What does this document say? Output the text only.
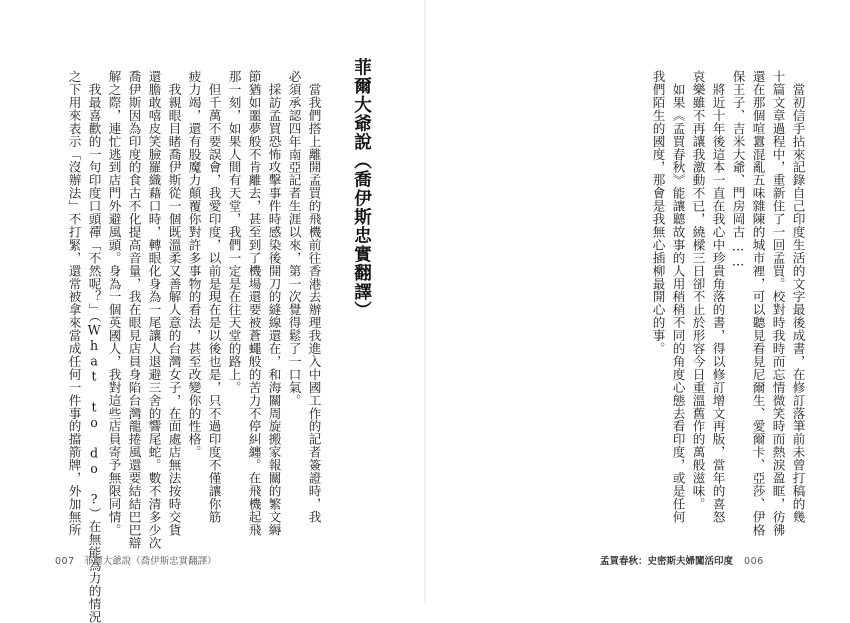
　當初信手拈來記錄自己印度生活的文字最後成書，在修訂落筆前未曾打稿的幾
十篇文章過程中，重新住了一回孟買。校對時我時而忘情微笑時而熱淚盈眶，彷彿
還在那個喧囂混亂五味雜陳的城市裡，可以聽見看見尼爾生、愛爾卡、亞莎、伊格
保王子、吉米大爺、門房岡古……
　將近十年後這本一直在我心中珍貴角落的書，得以修訂增文再版，當年的喜怒
哀樂雖不再讓我激動不已，繞樑三日卻不止於形容今日重溫舊作的萬般滋味。
　如果《孟買春秋》能讓聽故事的人用稍稍不同的角度心態去看印度，或是任何
我們陌生的國度，那會是我無心插柳最開心的事。
孟買春秋：史密斯夫婦闖活印度 006
菲爾大爺說（喬伊斯忠實翻譯）
　當我們搭上離開孟買的飛機前往香港去辦理我進入中國工作的記者簽證時，我
必須承認四年南亞記者生涯以來，第一次覺得鬆了一口氣。
　採訪孟買恐怖攻擊事件時感染後開刀的縫線還在，和海關周旋搬家報關的繁文縟
節猶如噩夢般不肯離去，甚至到了機場還要被蒼蠅般的苦力不停糾纏。在飛機起飛
那一刻，如果人間有天堂，我們一定是在往天堂的路上。
　但千萬不要誤會，我愛印度，以前是現在是以後也是，只不過印度不僅讓你筋
疲力竭，還有股魔力顛覆你對許多事物的看法，甚至改變你的性格。
　我親眼目睹喬伊斯從一個既溫柔又善解人意的台灣女子，在面處店無法按時交貨
還膽敢嘻皮笑臉羅織藉口時，轉眼化身為一尾讓人退避三舍的響尾蛇。數不清多少次
喬伊斯因為印度的食古不化提高音量，我在眼見店員身陷台灣龍捲風還要結結巴巴辯
解之際，連忙逃到店門外避風頭。身為一個英國人，我對這些店員寄予無限同情。
　我最喜歡的一句印度口頭禪「不然呢？」（What to do ?）在無能為力的情況
之下用來表示「沒辦法」不打緊，還常被拿來當成任何一件事的擋箭牌，外加無所
007 菲爾大爺說（喬伊斯忠實翻譯）
